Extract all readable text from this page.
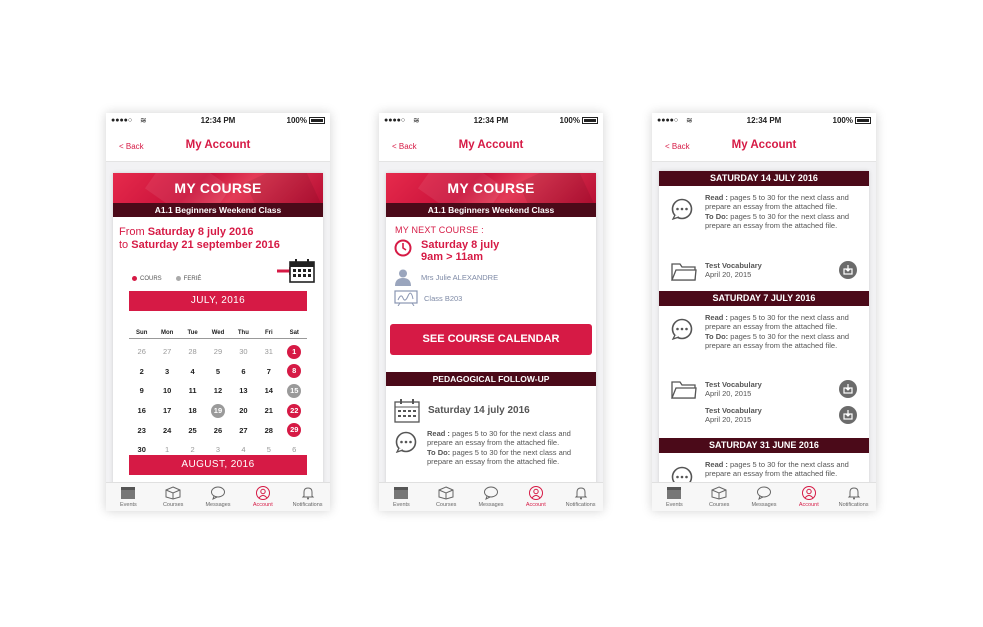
●●●●○ ≋	12:34 PM	100%
< Back	My Account
MY COURSE
A1.1 Beginners Weekend Class
From Saturday 8 july 2016
to Saturday 21 september 2016
COURS	FERIÉ
JULY, 2016
Sun	Mon	Tue	Wed	Thu	Fri	Sat
26	27	28	29	30	31	1
2	3	4	5	6	7	8
9	10	11	12	13	14	15
16	17	18	19	20	21	22
23	24	25	26	27	28	29
30	1	2	3	4	5	6
AUGUST, 2016
Events	Courses	Messages	Account	Notifications
●●●●○ ≋	12:34 PM	100%
< Back	My Account
MY COURSE
A1.1 Beginners Weekend Class
MY NEXT COURSE :
Saturday 8 july
9am > 11am
Mrs Julie ALEXANDRE
Class B203
SEE COURSE CALENDAR
PEDAGOGICAL FOLLOW-UP
Saturday 14 july 2016
Read : pages 5 to 30 for the next class and prepare an essay from the attached file.
To Do: pages 5 to 30 for the next class and prepare an essay from the attached file.
Events	Courses	Messages	Account	Notifications
●●●●○ ≋	12:34 PM	100%
< Back	My Account
SATURDAY 14 JULY 2016
Read : pages 5 to 30 for the next class and prepare an essay from the attached file.
To Do: pages 5 to 30 for the next class and prepare an essay from the attached file.
Test Vocabulary
April 20, 2015
SATURDAY 7 JULY 2016
Read : pages 5 to 30 for the next class and prepare an essay from the attached file.
To Do: pages 5 to 30 for the next class and prepare an essay from the attached file.
Test Vocabulary
April 20, 2015
Test Vocabulary
April 20, 2015
SATURDAY 31 JUNE 2016
Read : pages 5 to 30 for the next class and prepare an essay from the attached file.
Events	Courses	Messages	Account	Notifications
